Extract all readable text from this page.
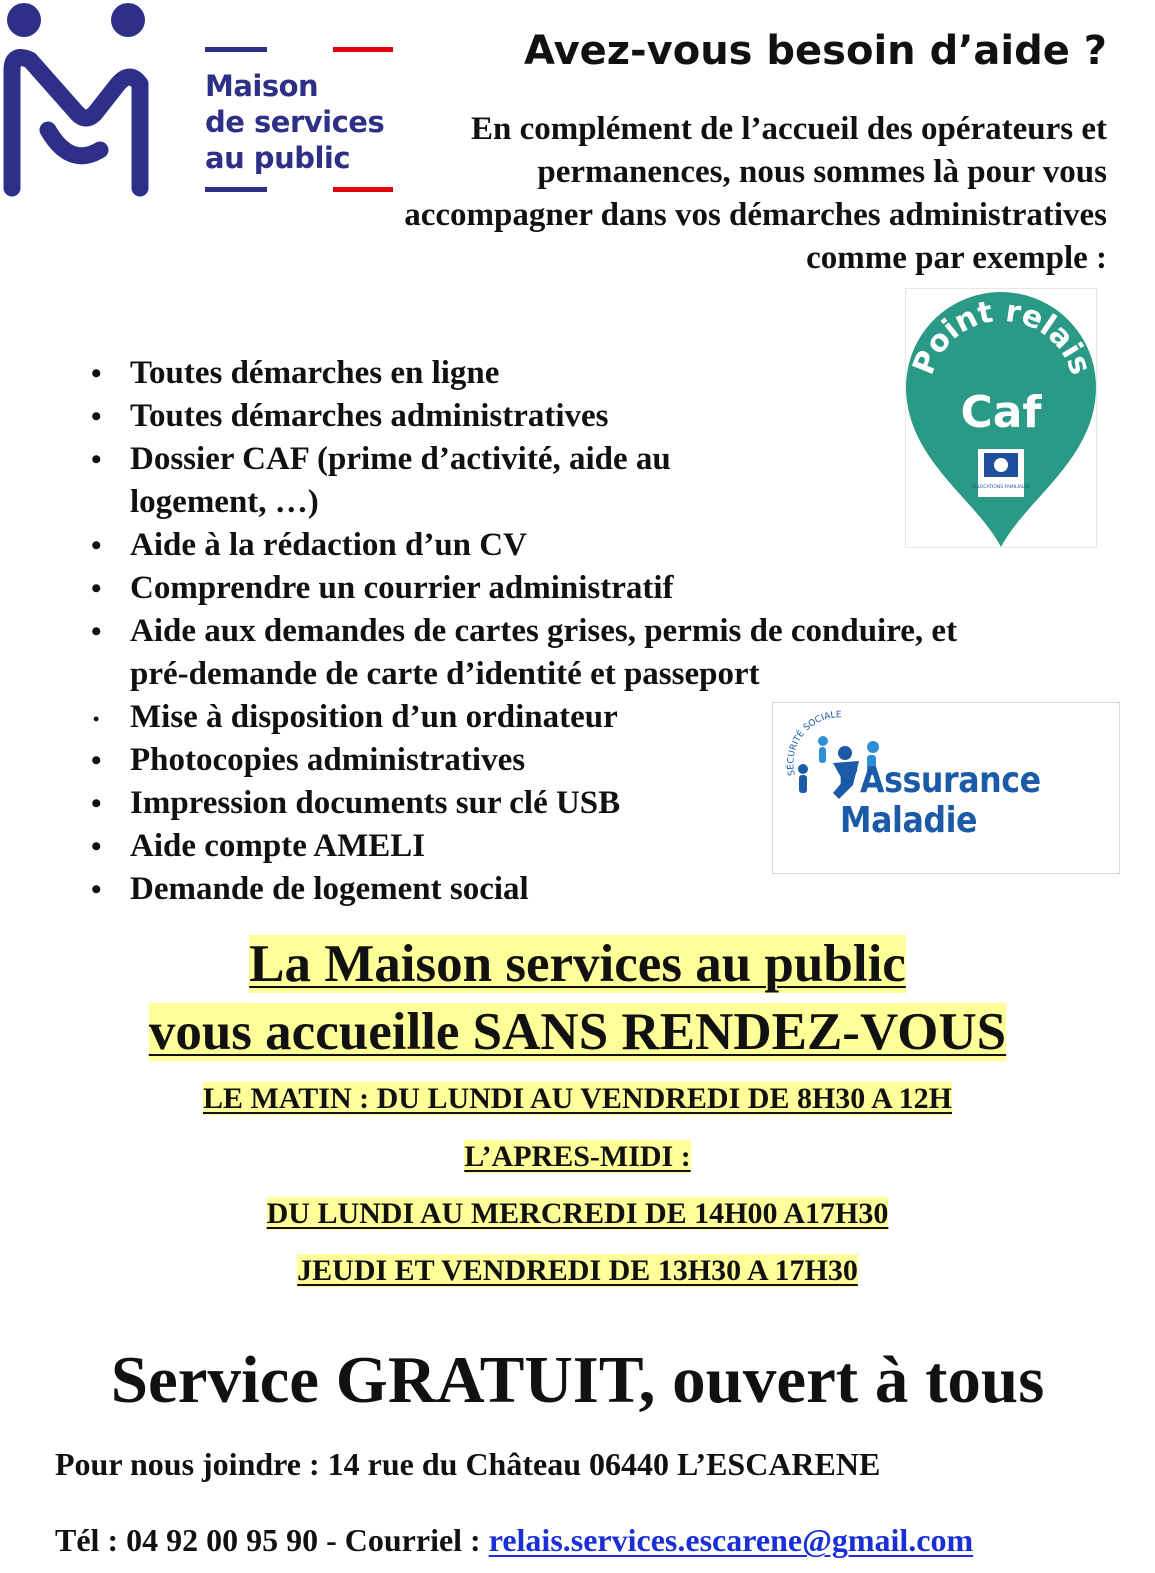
Maison
de services
au public
Avez-vous besoin d’aide ?
En complément de l’accueil des opérateurs et permanences, nous sommes là pour vous accompagner dans vos démarches administratives comme par exemple :
Point relais
Caf
ALLOCATIONS FAMILIALES
• Toutes démarches en ligne
• Toutes démarches administratives
• Dossier CAF (prime d’activité, aide au
logement, …)
• Aide à la rédaction d’un CV
• Comprendre un courrier administratif
• Aide aux demandes de cartes grises, permis de conduire, et
pré-demande de carte d’identité et passeport
• Mise à disposition d’un ordinateur
• Photocopies administratives
• Impression documents sur clé USB
• Aide compte AMELI
• Demande de logement social
SÉCURITÉ SOCIALE
l’Assurance
Maladie
La Maison services au public
vous accueille SANS RENDEZ-VOUS
LE MATIN : DU LUNDI AU VENDREDI DE 8H30 A 12H
L’APRES-MIDI :
DU LUNDI AU MERCREDI DE 14H00 A17H30
JEUDI ET VENDREDI DE 13H30 A 17H30
Service GRATUIT, ouvert à tous
Pour nous joindre : 14 rue du Château 06440 L’ESCARENE
Tél : 04 92 00 95 90 - Courriel : relais.services.escarene@gmail.com
